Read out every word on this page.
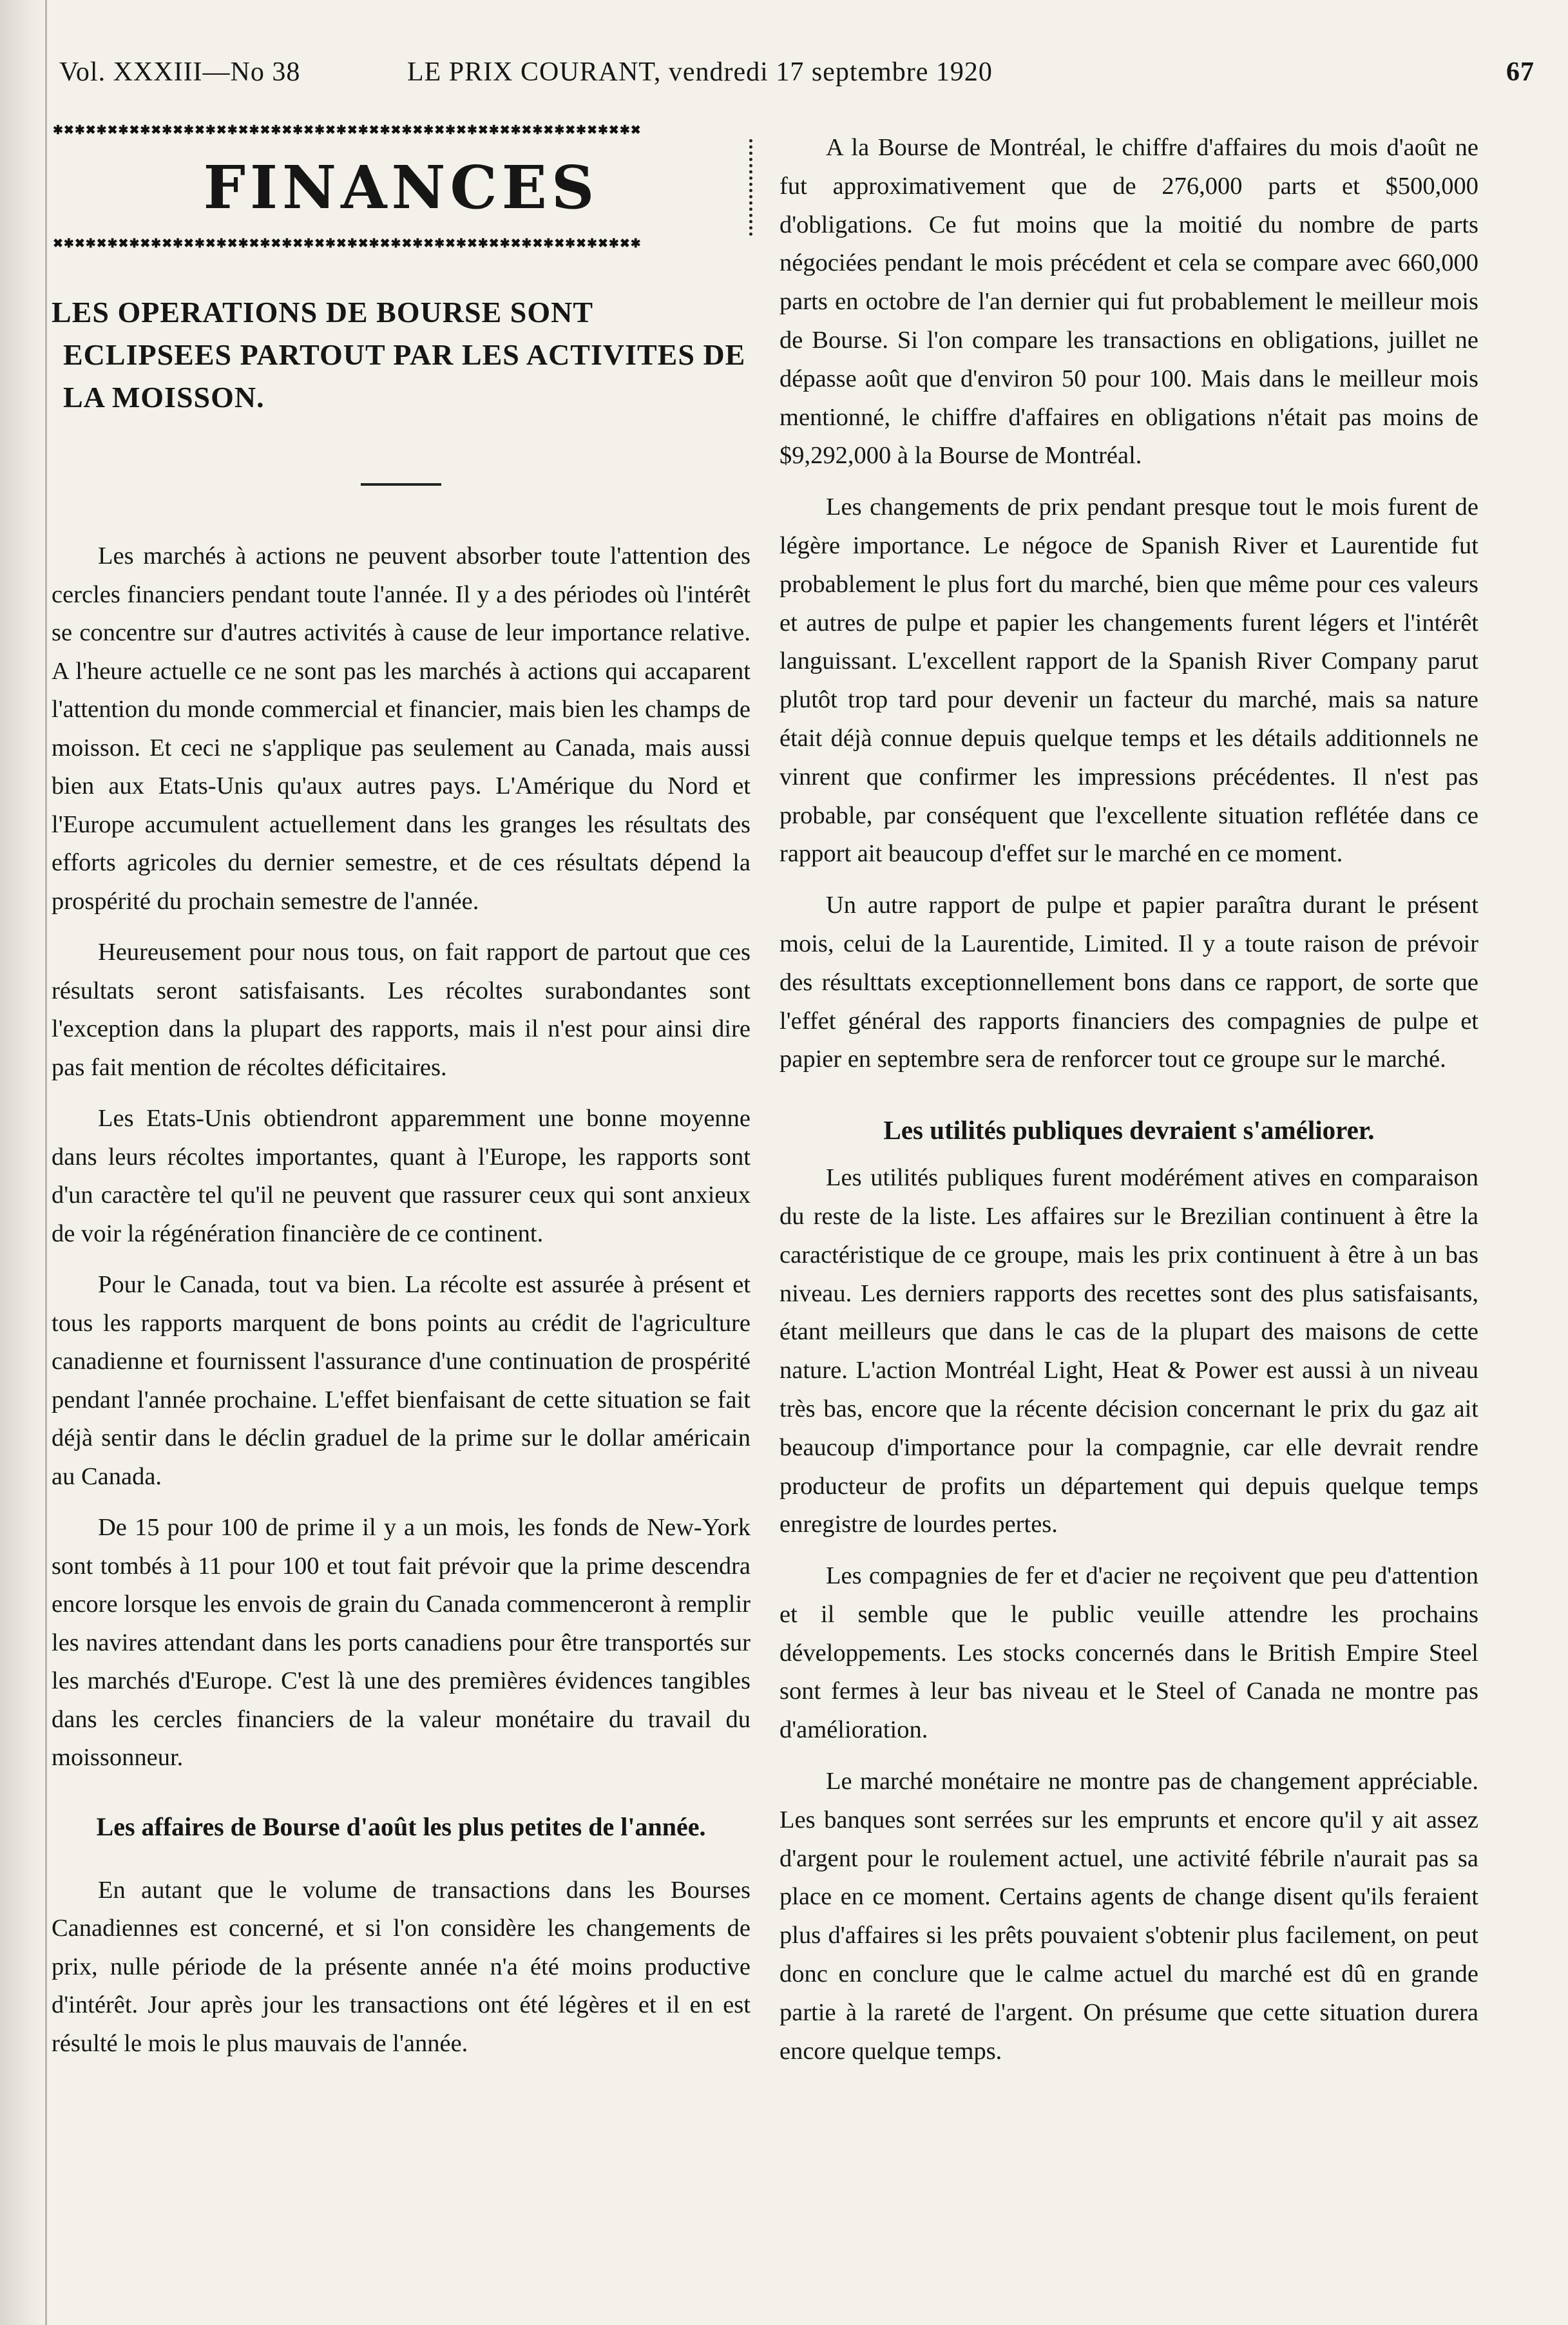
Vol. XXXIII—No 38	LE PRIX COURANT, vendredi 17 septembre 1920	67
✱✖✱✖✱✖✱✖✱✖✱✖✱✖✱✖✱✖✱✖✱✖✱✖✱✖✱✖✱✖✱✖✱✖✱✖✱✖✱✖✱✖✱✖✱✖✱✖✱✖✱✖✱✖
FINANCES
✖✱✖✱✖✱✖✱✖✱✖✱✖✱✖✱✖✱✖✱✖✱✖✱✖✱✖✱✖✱✖✱✖✱✖✱✖✱✖✱✖✱✖✱✖✱✖✱✖✱✖✱✖✱
LES OPERATIONS DE BOURSE SONT ECLIPSEES PARTOUT PAR LES ACTIVITES DE LA MOISSON.

Les marchés à actions ne peuvent absorber toute l'attention des cercles financiers pendant toute l'année. Il y a des périodes où l'intérêt se concentre sur d'autres activités à cause de leur importance relative. A l'heure actuelle ce ne sont pas les marchés à actions qui accaparent l'attention du monde commercial et financier, mais bien les champs de moisson. Et ceci ne s'applique pas seulement au Canada, mais aussi bien aux Etats-Unis qu'aux autres pays. L'Amérique du Nord et l'Europe accumulent actuellement dans les granges les résultats des efforts agricoles du dernier semestre, et de ces résultats dépend la prospérité du prochain semestre de l'année.

Heureusement pour nous tous, on fait rapport de partout que ces résultats seront satisfaisants. Les récoltes surabondantes sont l'exception dans la plupart des rapports, mais il n'est pour ainsi dire pas fait mention de récoltes déficitaires.

Les Etats-Unis obtiendront apparemment une bonne moyenne dans leurs récoltes importantes, quant à l'Europe, les rapports sont d'un caractère tel qu'il ne peuvent que rassurer ceux qui sont anxieux de voir la régénération financière de ce continent.

Pour le Canada, tout va bien. La récolte est assurée à présent et tous les rapports marquent de bons points au crédit de l'agriculture canadienne et fournissent l'assurance d'une continuation de prospérité pendant l'année prochaine. L'effet bienfaisant de cette situation se fait déjà sentir dans le déclin graduel de la prime sur le dollar américain au Canada.

De 15 pour 100 de prime il y a un mois, les fonds de New-York sont tombés à 11 pour 100 et tout fait prévoir que la prime descendra encore lorsque les envois de grain du Canada commenceront à remplir les navires attendant dans les ports canadiens pour être transportés sur les marchés d'Europe. C'est là une des premières évidences tangibles dans les cercles financiers de la valeur monétaire du travail du moissonneur.

Les affaires de Bourse d'août les plus petites de l'année.

En autant que le volume de transactions dans les Bourses Canadiennes est concerné, et si l'on considère les changements de prix, nulle période de la présente année n'a été moins productive d'intérêt. Jour après jour les transactions ont été légères et il en est résulté le mois le plus mauvais de l'année.

A la Bourse de Montréal, le chiffre d'affaires du mois d'août ne fut approximativement que de 276,000 parts et $500,000 d'obligations. Ce fut moins que la moitié du nombre de parts négociées pendant le mois précédent et cela se compare avec 660,000 parts en octobre de l'an dernier qui fut probablement le meilleur mois de Bourse. Si l'on compare les transactions en obligations, juillet ne dépasse août que d'environ 50 pour 100. Mais dans le meilleur mois mentionné, le chiffre d'affaires en obligations n'était pas moins de $9,292,000 à la Bourse de Montréal.

Les changements de prix pendant presque tout le mois furent de légère importance. Le négoce de Spanish River et Laurentide fut probablement le plus fort du marché, bien que même pour ces valeurs et autres de pulpe et papier les changements furent légers et l'intérêt languissant. L'excellent rapport de la Spanish River Company parut plutôt trop tard pour devenir un facteur du marché, mais sa nature était déjà connue depuis quelque temps et les détails additionnels ne vinrent que confirmer les impressions précédentes. Il n'est pas probable, par conséquent que l'excellente situation reflétée dans ce rapport ait beaucoup d'effet sur le marché en ce moment.

Un autre rapport de pulpe et papier paraîtra durant le présent mois, celui de la Laurentide, Limited. Il y a toute raison de prévoir des résulttats exceptionnellement bons dans ce rapport, de sorte que l'effet général des rapports financiers des compagnies de pulpe et papier en septembre sera de renforcer tout ce groupe sur le marché.

Les utilités publiques devraient s'améliorer.

Les utilités publiques furent modérément atives en comparaison du reste de la liste. Les affaires sur le Brezilian continuent à être la caractéristique de ce groupe, mais les prix continuent à être à un bas niveau. Les derniers rapports des recettes sont des plus satisfaisants, étant meilleurs que dans le cas de la plupart des maisons de cette nature. L'action Montréal Light, Heat & Power est aussi à un niveau très bas, encore que la récente décision concernant le prix du gaz ait beaucoup d'importance pour la compagnie, car elle devrait rendre producteur de profits un département qui depuis quelque temps enregistre de lourdes pertes.

Les compagnies de fer et d'acier ne reçoivent que peu d'attention et il semble que le public veuille attendre les prochains développements. Les stocks concernés dans le British Empire Steel sont fermes à leur bas niveau et le Steel of Canada ne montre pas d'amélioration.

Le marché monétaire ne montre pas de changement appréciable. Les banques sont serrées sur les emprunts et encore qu'il y ait assez d'argent pour le roulement actuel, une activité fébrile n'aurait pas sa place en ce moment. Certains agents de change disent qu'ils feraient plus d'affaires si les prêts pouvaient s'obtenir plus facilement, on peut donc en conclure que le calme actuel du marché est dû en grande partie à la rareté de l'argent. On présume que cette situation durera encore quelque temps.
